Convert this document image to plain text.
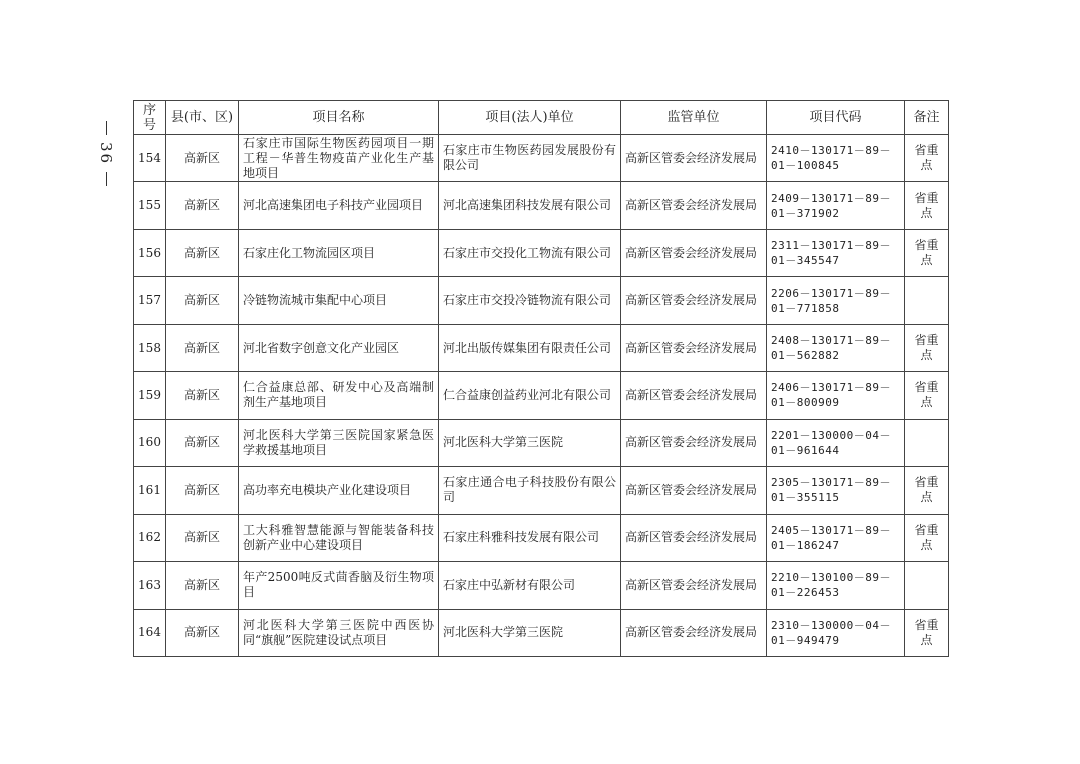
36
序号	县(市、区)	项目名称	项目(法人)单位	监管单位	项目代码	备注
154	高新区	石家庄市国际生物医药园项目一期工程－华普生物疫苗产业化生产基地项目	石家庄市生物医药园发展股份有限公司	高新区管委会经济发展局	2410－130171－89－01－100845	省重点
155	高新区	河北高速集团电子科技产业园项目	河北高速集团科技发展有限公司	高新区管委会经济发展局	2409－130171－89－01－371902	省重点
156	高新区	石家庄化工物流园区项目	石家庄市交投化工物流有限公司	高新区管委会经济发展局	2311－130171－89－01－345547	省重点
157	高新区	冷链物流城市集配中心项目	石家庄市交投冷链物流有限公司	高新区管委会经济发展局	2206－130171－89－01－771858	
158	高新区	河北省数字创意文化产业园区	河北出版传媒集团有限责任公司	高新区管委会经济发展局	2408－130171－89－01－562882	省重点
159	高新区	仁合益康总部、研发中心及高端制剂生产基地项目	仁合益康创益药业河北有限公司	高新区管委会经济发展局	2406－130171－89－01－800909	省重点
160	高新区	河北医科大学第三医院国家紧急医学救援基地项目	河北医科大学第三医院	高新区管委会经济发展局	2201－130000－04－01－961644	
161	高新区	高功率充电模块产业化建设项目	石家庄通合电子科技股份有限公司	高新区管委会经济发展局	2305－130171－89－01－355115	省重点
162	高新区	工大科雅智慧能源与智能装备科技创新产业中心建设项目	石家庄科雅科技发展有限公司	高新区管委会经济发展局	2405－130171－89－01－186247	省重点
163	高新区	年产2500吨反式茴香脑及衍生物项目	石家庄中弘新材有限公司	高新区管委会经济发展局	2210－130100－89－01－226453	
164	高新区	河北医科大学第三医院中西医协同“旗舰”医院建设试点项目	河北医科大学第三医院	高新区管委会经济发展局	2310－130000－04－01－949479	省重点
